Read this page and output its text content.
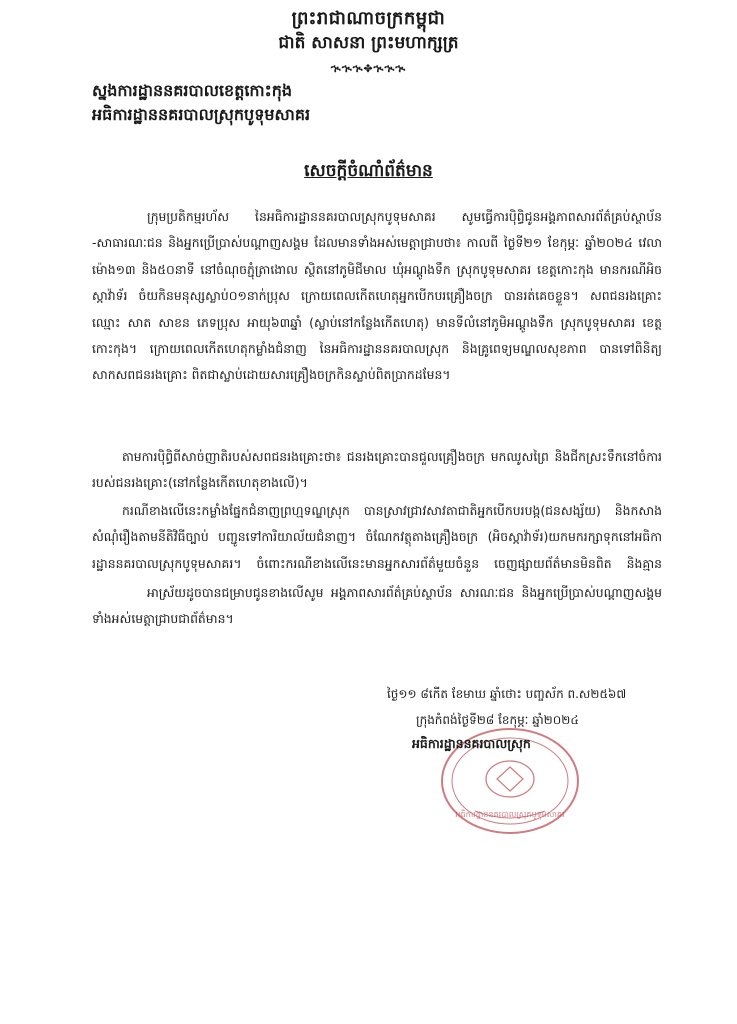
ព្រះរាជាណាចក្រកម្ពុជា
ជាតិ សាសនា ព្រះមហាក្សត្រ
ኊኊኊ✥ኊኊኊ
ស្នងការដ្ឋាននគរបាលខេត្តកោះកុង
អធិការដ្ឋាននគរបាលស្រុកបូទុមសាគរ
សេចក្តីចំណាំព័ត៌មាន
ក្រុមប្រតិកម្មរហ័ស នៃអធិការដ្ឋាននគរបាលស្រុកបូទុមសាគរ សូមធ្វើការប៉ិព្ធិជូនអង្គភាពសារព័ត៌គ្រប់ស្ថាប័ន -សាធារណៈជន និងអ្នកប្រើប្រាស់បណ្តាញសង្គម ដែលមានទាំងអស់មេត្តាជ្រាបថា៖ កាលពី ថ្ងៃទី២១ ខែកុម្ភៈ ឆ្នាំ២០២៤ វេលាម៉ោង១៣ និង៥០នាទី នៅចំណុចភ្ជុំត្រាងោល ស្ថិតនៅភូមិជីមាល ឃុំអណ្តូងទឹក ស្រុកបូទុមសាគរ ខេត្តកោះកុង មានករណីអិចស្កាវ៉ាទ័រ ចំយកិនមនុស្សស្លាប់០១នាក់ប្រុស ក្រោយពេលកើតហេតុអ្នកបើកបរគ្រឿងចក្រ បានរត់គេចខ្លួន។ សពជនរងគ្រោះ ឈ្មោះ សាត សាខន ភេទប្រុស អាយុ៦៣ឆ្នាំ (ស្លាប់នៅកន្លែងកើតហេតុ) មានទីលំនៅភូមិអណ្តូងទឹក ស្រុកបូទុមសាគរ ខេត្តកោះកុង។ ក្រោយពេលកើតហេតុកម្លាំងជំនាញ នៃអធិការដ្ឋាននគរបាលស្រុក និងគ្រូពេទ្យមណ្ឌលសុខភាព បានទៅពិនិត្យសាកសពជនរងគ្រោះ ពិតជាស្លាប់ដោយសារគ្រឿងចក្រកិនស្លាប់ពិតប្រាកដមែន។
តាមការប៉ិព្ធិពីសាច់ញាតិរបស់សពជនរងគ្រោះថា៖ ជនរងគ្រោះបានជួលគ្រឿងចក្រ មកឈូសព្រៃ និងជីកស្រះទឹកនៅចំការរបស់ជនរងគ្រោះ(នៅកន្លែងកើតហេតុខាងលើ)។
ករណីខាងលើនេះកម្លាំងផ្នែកជំនាញព្រហ្មទណ្ឌស្រុក បានស្រាវជ្រាវសាវតាជាតិអ្នកបើកបរបង្ក(ជនសង្ស័យ) និងកសាងសំណុំរឿងតាមនីតិវិធីច្បាប់ បញ្ជូនទៅការិយាល័យជំនាញ។ ចំណែកវត្ថុតាងគ្រឿងចក្រ (អិចស្កាវ៉ាទ័រ)យកមករក្សាទុកនៅអធិការដ្ឋាននគរបាលស្រុកបូទុមសាគរ។ ចំពោះករណីខាងលើនេះមានអ្នកសារព័ត៌មួយចំនួន ចេញផ្សាយព័ត៌មានមិនពិត និងគ្មាន
អាស្រ័យដូចបានជម្រាបជូនខាងលើសូម អង្គភាពសារព័ត៌គ្រប់ស្ថាប័ន សារណៈជន និងអ្នកប្រើប្រាស់បណ្តាញសង្គម ទាំងអស់មេត្តាជ្រាបជាព័ត៌មាន។
ថ្ងៃ១១ ៨កើត ខែមាឃ ឆ្នាំថោះ បញ្ចស័ក ព.ស២៥៦៧
ក្រុងកំពង់ថ្ងៃទី២៨ ខែកុម្ភៈ ឆ្នាំ២០២៤
អធិការដ្ឋាននគរបាលស្រុកបូទុមសាគរ
អធិការដ្ឋាននគរបាលស្រុក
